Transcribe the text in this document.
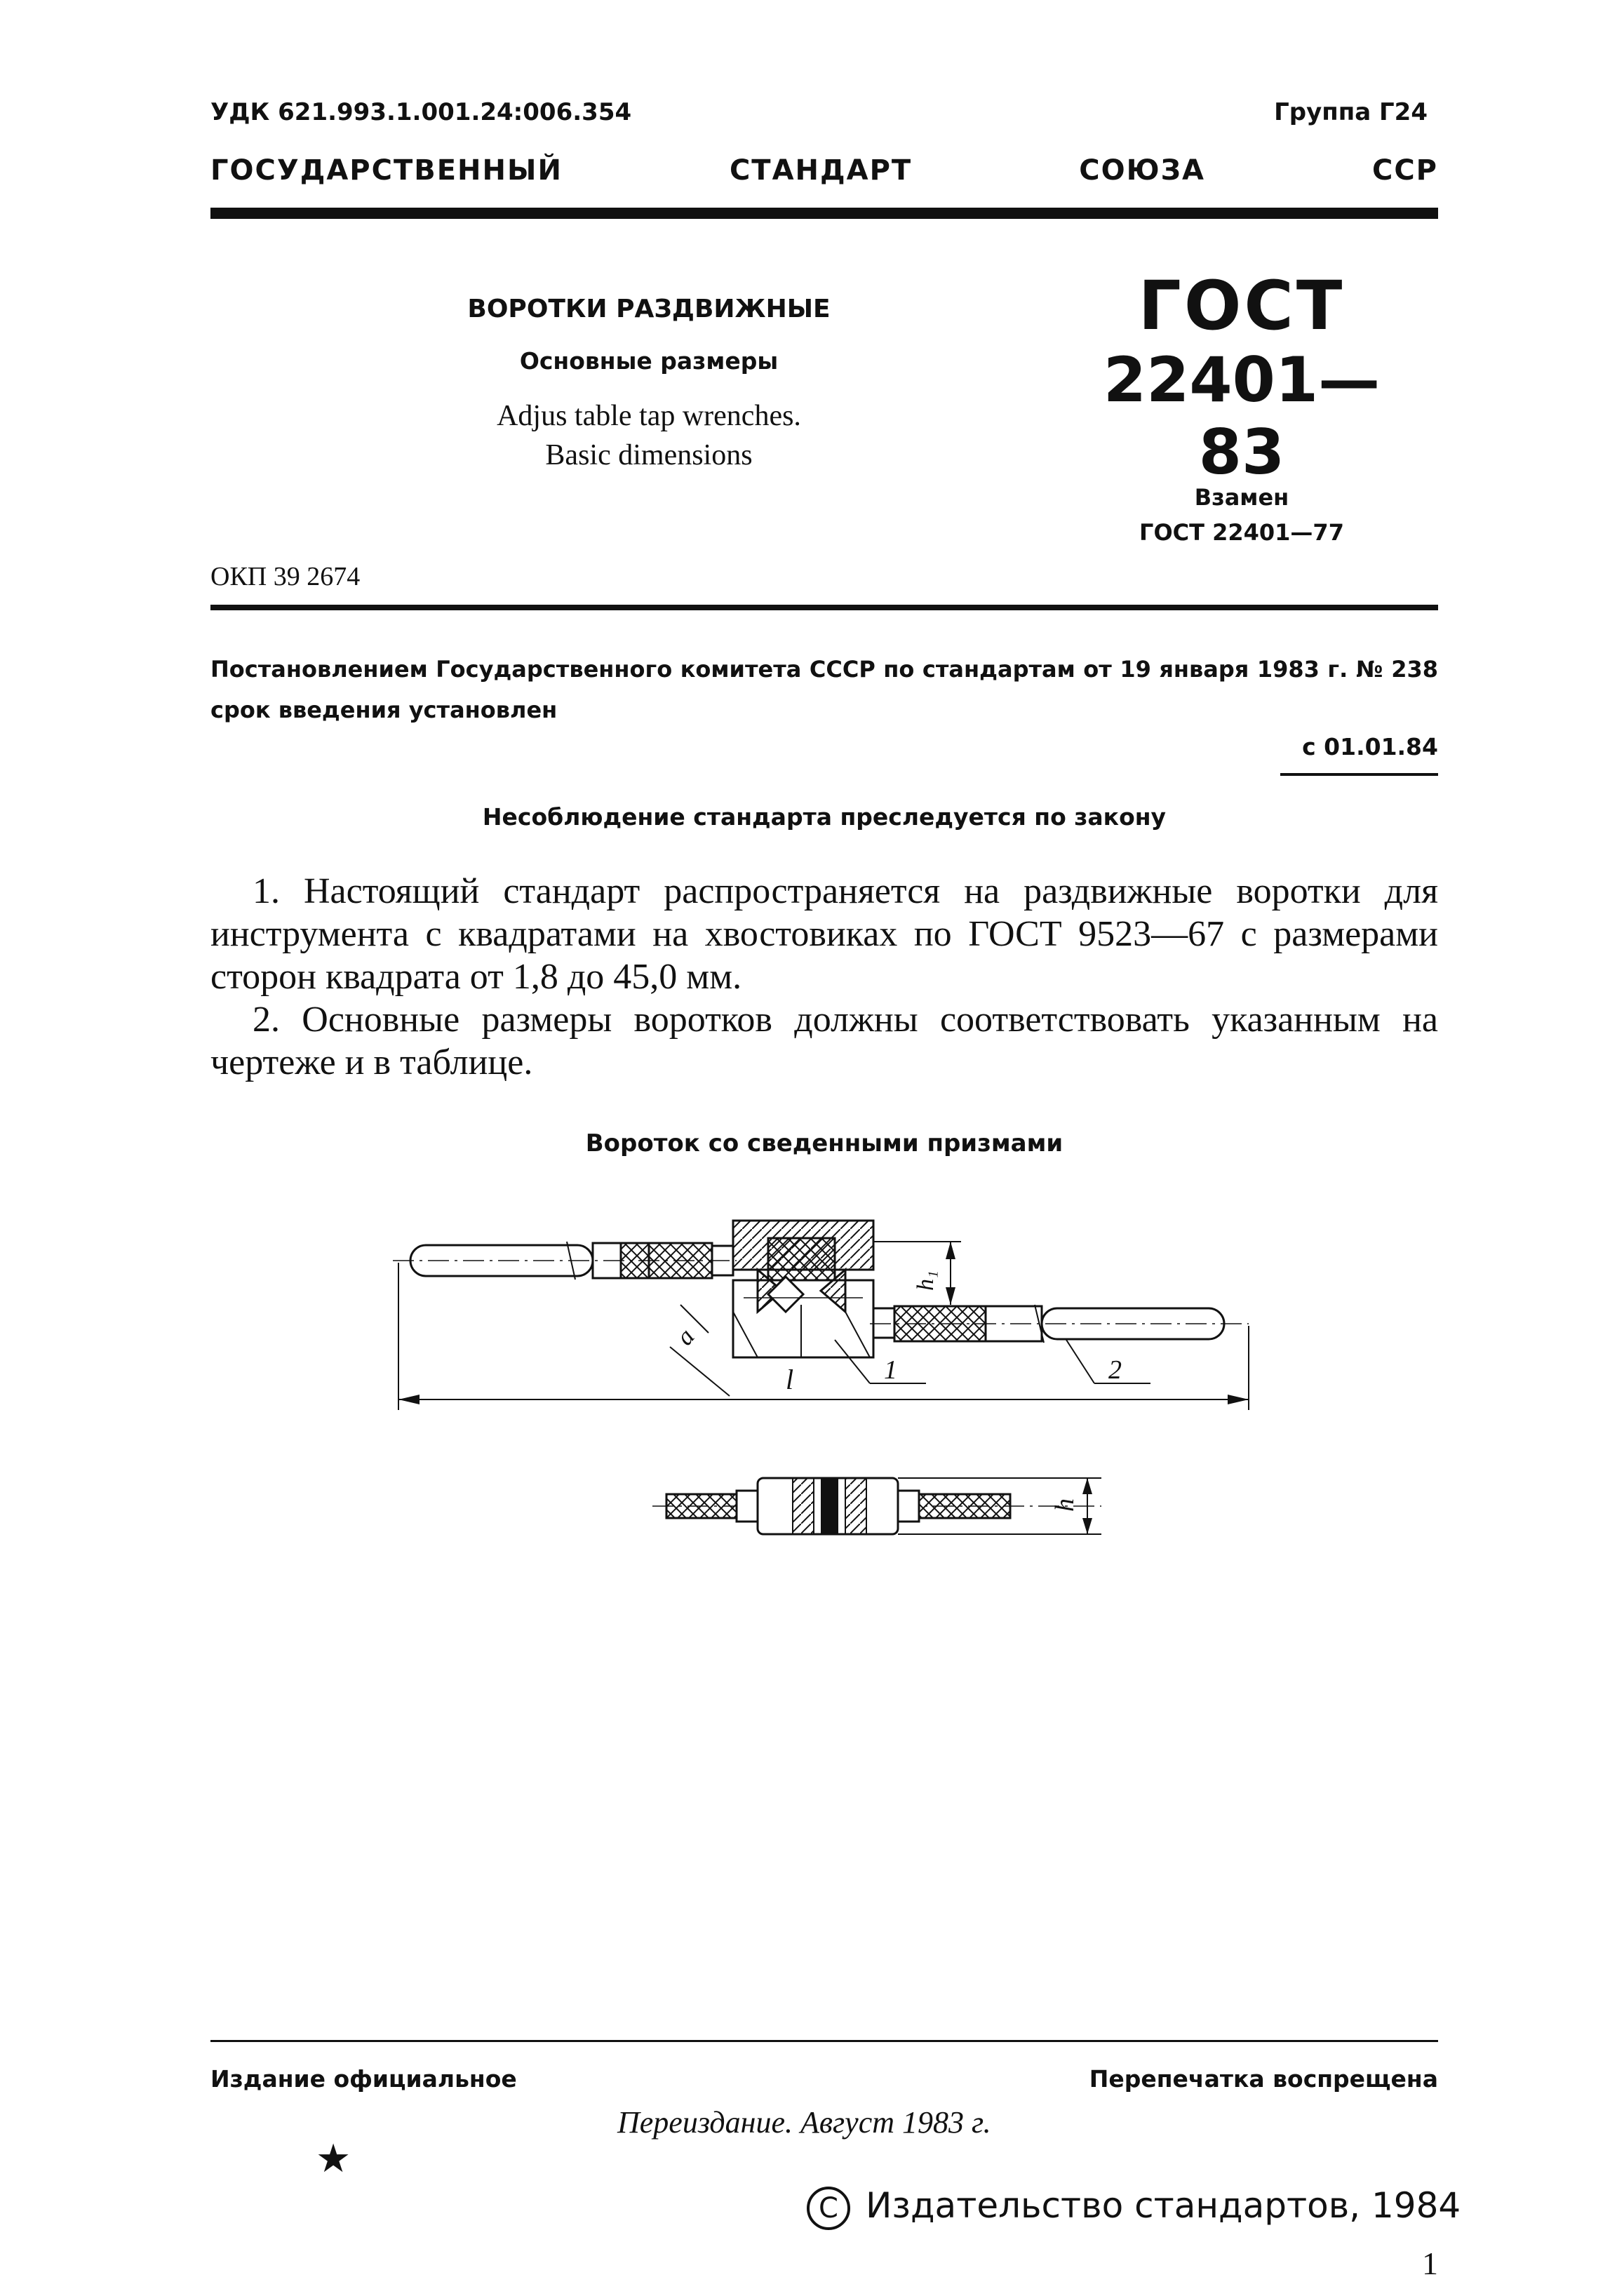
УДК 621.993.1.001.24:006.354	Группа Г24
ГОСУДАРСТВЕННЫЙ	СТАНДАРТ	СОЮЗА	ССР
ВОРОТКИ РАЗДВИЖНЫЕ
Основные размеры
Adjus table tap wrenches.
Basic dimensions
ГОСТ
22401—83
Взамен
ГОСТ 22401—77
ОКП 39 2674
Постановлением Государственного комитета СССР по стандартам от 19 января 1983 г. № 238 срок введения установлен
с 01.01.84
Несоблюдение стандарта преследуется по закону

1. Настоящий стандарт распространяется на раздвижные воротки для инструмента с квадратами на хвостовиках по ГОСТ 9523—67 с размерами сторон квадрата от 1,8 до 45,0 мм.

2. Основные размеры воротков должны соответствовать указанным на чертеже и в таблице.

Вороток со сведенными призмами
l
a
h₁
1	2
h
Издание официальное	Перепечатка воспрещена
Переиздание. Август 1983 г.
★
C Издательство стандартов, 1984
1
